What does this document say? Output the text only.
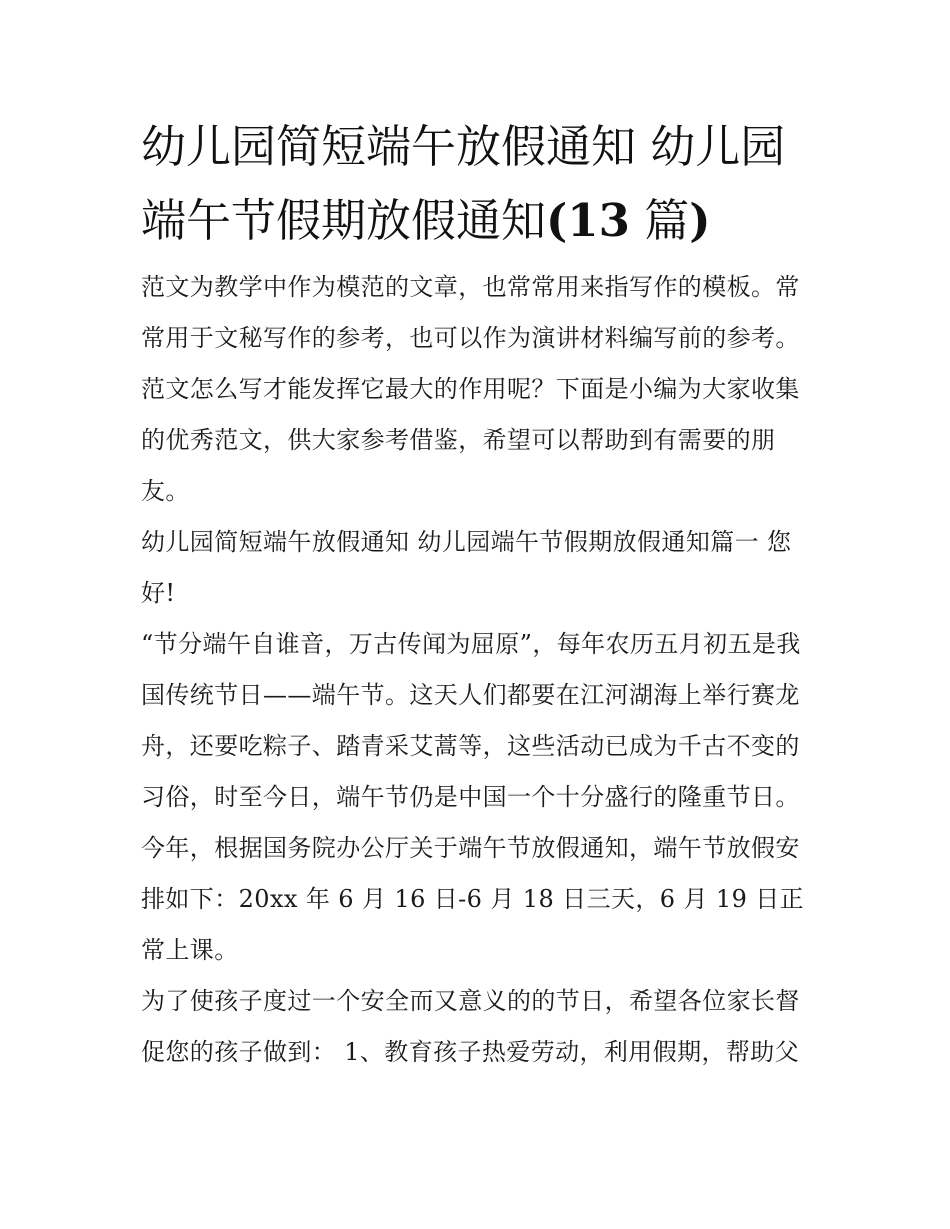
幼儿园简短端午放假通知 幼儿园端午节假期放假通知(13 篇)

范文为教学中作为模范的文章，也常常用来指写作的模板。常常用于文秘写作的参考，也可以作为演讲材料编写前的参考。范文怎么写才能发挥它最大的作用呢？下面是小编为大家收集的优秀范文，供大家参考借鉴，希望可以帮助到有需要的朋友。

幼儿园简短端午放假通知 幼儿园端午节假期放假通知篇一 您好!

“节分端午自谁音，万古传闻为屈原”，每年农历五月初五是我国传统节日——端午节。这天人们都要在江河湖海上举行赛龙舟，还要吃粽子、踏青采艾蒿等，这些活动已成为千古不变的习俗，时至今日，端午节仍是中国一个十分盛行的隆重节日。今年，根据国务院办公厅关于端午节放假通知，端午节放假安排如下：20xx 年 6 月 16 日-6 月 18 日三天，6 月 19 日正常上课。

为了使孩子度过一个安全而又意义的的节日，希望各位家长督促您的孩子做到： 1、教育孩子热爱劳动，利用假期，帮助父
